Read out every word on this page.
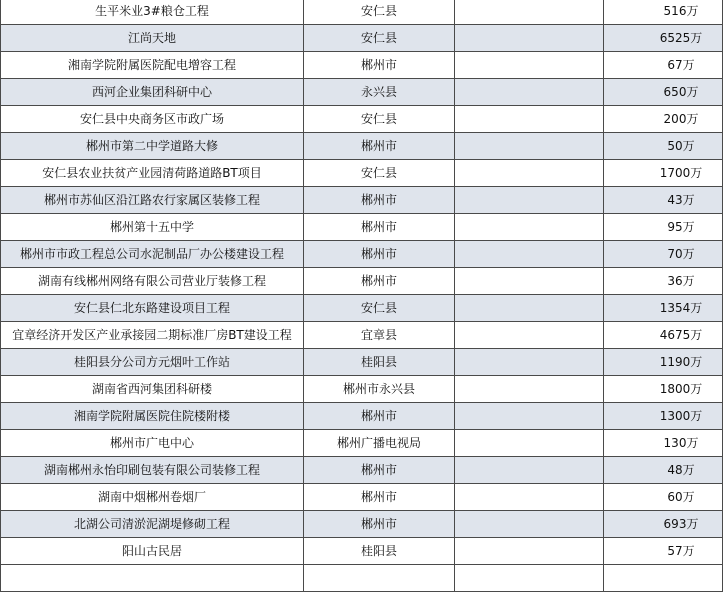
生平米业3#粮仓工程	安仁县		516万
江尚天地	安仁县		6525万
湘南学院附属医院配电增容工程	郴州市		67万
西河企业集团科研中心	永兴县		650万
安仁县中央商务区市政广场	安仁县		200万
郴州市第二中学道路大修	郴州市		50万
安仁县农业扶贫产业园清荷路道路BT项目	安仁县		1700万
郴州市苏仙区沿江路农行家属区装修工程	郴州市		43万
郴州第十五中学	郴州市		95万
郴州市市政工程总公司水泥制品厂办公楼建设工程	郴州市		70万
湖南有线郴州网络有限公司营业厅装修工程	郴州市		36万
安仁县仁北东路建设项目工程	安仁县		1354万
宜章经济开发区产业承接园二期标准厂房BT建设工程	宜章县		4675万
桂阳县分公司方元烟叶工作站	桂阳县		1190万
湖南省西河集团科研楼	郴州市永兴县		1800万
湘南学院附属医院住院楼附楼	郴州市		1300万
郴州市广电中心	郴州广播电视局		130万
湖南郴州永怡印刷包装有限公司装修工程	郴州市		48万
湖南中烟郴州卷烟厂	郴州市		60万
北湖公司清淤泥湖堤修砌工程	郴州市		693万
阳山古民居	桂阳县		57万
